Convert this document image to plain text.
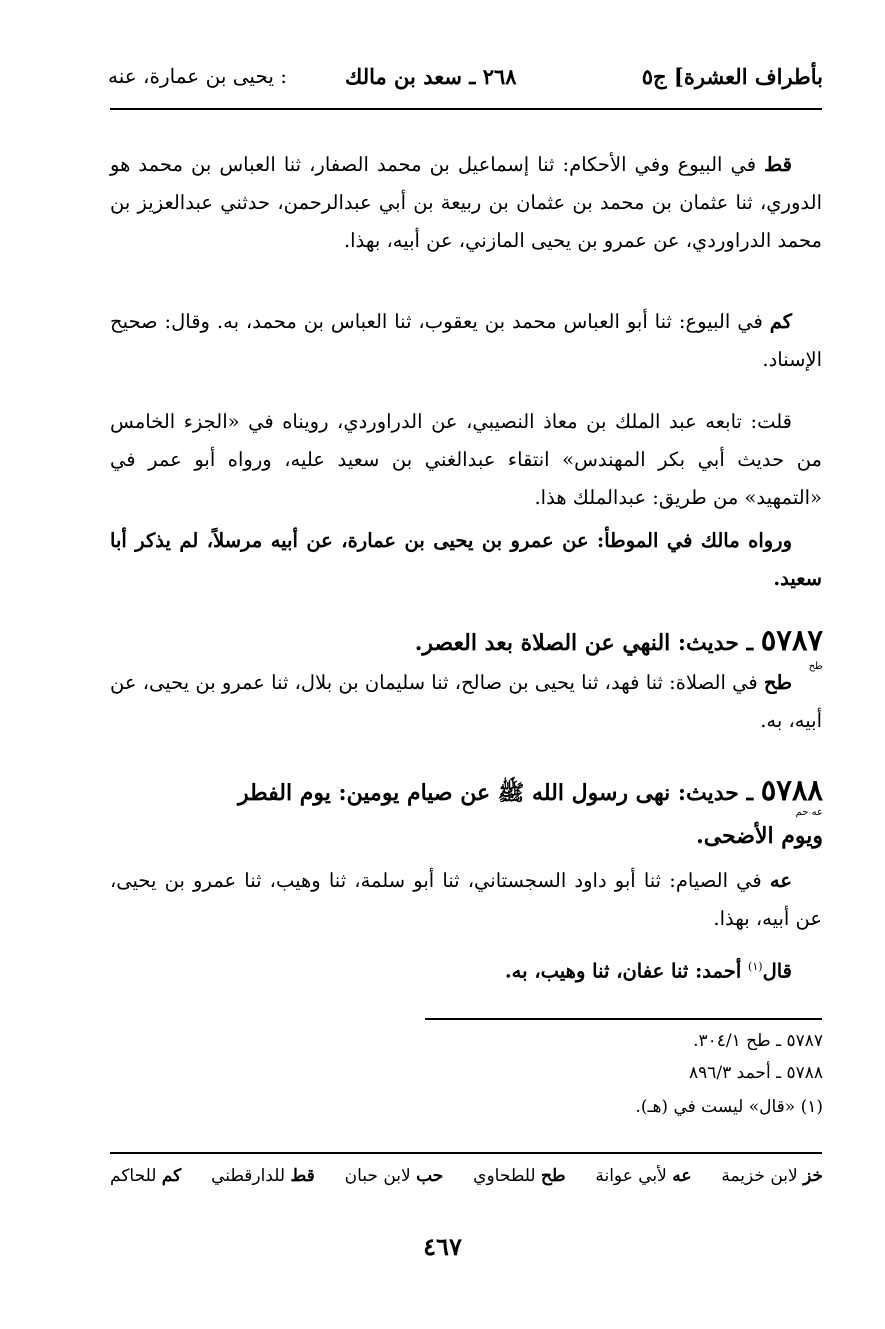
بأطراف العشرة] ج٥
٢٦٨ ـ سعد بن مالك
: يحيى بن عمارة، عنه

قط في البيوع وفي الأحكام: ثنا إسماعيل بن محمد الصفار، ثنا العباس بن محمد هو الدوري، ثنا عثمان بن محمد بن عثمان بن ربيعة بن أبي عبدالرحمن، حدثني عبدالعزيز بن محمد الدراوردي، عن عمرو بن يحيى المازني، عن أبيه، بهذا.

كم في البيوع: ثنا أبو العباس محمد بن يعقوب، ثنا العباس بن محمد، به. وقال: صحيح الإسناد.

قلت: تابعه عبد الملك بن معاذ النصيبي، عن الدراوردي، رويناه في «الجزء الخامس من حديث أبي بكر المهندس» انتقاء عبدالغني بن سعيد عليه، ورواه أبو عمر في «التمهيد» من طريق: عبدالملك هذا.

ورواه مالك في الموطأ: عن عمرو بن يحيى بن عمارة، عن أبيه مرسلاً، لم يذكر أبا سعيد.

٥٧٨٧ ـ حديث: النهي عن الصلاة بعد العصر.
طح

طح في الصلاة: ثنا فهد، ثنا يحيى بن صالح، ثنا سليمان بن بلال، ثنا عمرو بن يحيى، عن أبيه، به.

٥٧٨٨ ـ حديث: نهى رسول الله ﷺ عن صيام يومين: يوم الفطر
عه حم
ويوم الأضحى.

عه في الصيام: ثنا أبو داود السجستاني، ثنا أبو سلمة، ثنا وهيب، ثنا عمرو بن يحيى، عن أبيه، بهذا.

قال$^{(١)}$ أحمد: ثنا عفان، ثنا وهيب، به.

٥٧٨٧ ـ طح ٣٠٤/١.
٥٧٨٨ ـ أحمد ٨٩٦/٣
(١) «قال» ليست في (هـ).
خز لابن خزيمة
عه لأبي عوانة
طح للطحاوي
حب لابن حبان
قط للدارقطني
كم للحاكم
٤٦٧
